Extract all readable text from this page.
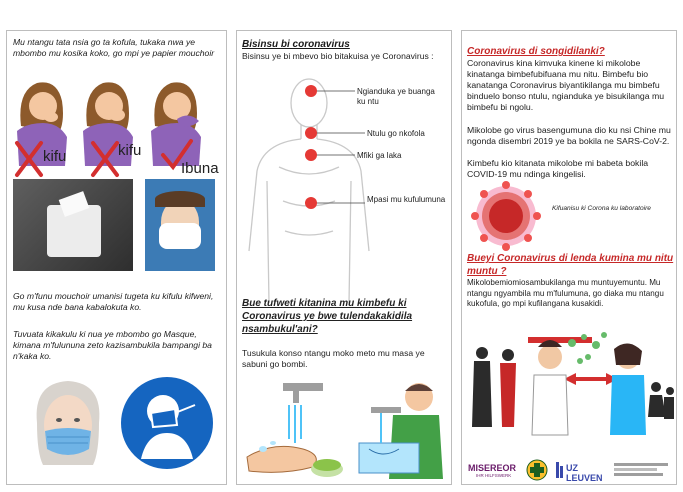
Mu ntangu tata nsia go ta kofula, tukaka nwa ye mbombo mu kosika koko, go mpi ye papier mouchoir
kifu	kifu
Ibuna
Go m'funu mouchoir umanisi tugeta ku kifulu kifweni, mu kusa nde bana kabalokuta ko.
Tuvuata kikakulu ki nua ye mbombo go Masque, kimana m'fulununa zeto kazisambukila bampangi ba n'kaka ko.
Bisinsu bi coronavirus
Bisinsu ye bi mbevo bio bitakuisa ye Coronavirus :
Ngianduka ye buanga ku ntu
Ntulu go nkofola
Mfiki ga laka
Mpasi mu kufulumuna
Bue tufweti kitanina mu kimbefu ki Coronavirus ye bwe tulendakakidila nsambukul'ani?
Tusukula konso ntangu moko meto mu masa ye sabuni go bombi.
Coronavirus di songidilanki?
Coronavirus kina kimvuka kinene ki mikolobe kinatanga bimbefubifuana mu nitu. Bimbefu bio kanatanga Coronavirus biyantikilanga mu bimbefu binduelo bonso ntulu, ngianduka ye bisukilanga mu bimbefu bi ngolu.
Mikolobe go virus basengumuna dio ku nsi Chine mu ngonda disembri 2019 ye ba bokila ne SARS-CoV-2.
Kimbefu kio kitanata mikolobe mi babeta bokila COVID-19 mu ndinga kingelisi.
Kifuanisu ki Corona ku laboratoire
Bueyi Coronavirus di lenda kumina mu nitu muntu ?
Mikolobemiomiosambukilanga mu muntuyemuntu. Mu ntangu ngyambila mu m'fulumuna, go diaka mu ntangu kukofula, go mpi kufilangana kusakidi.
MISEREOR
IHR HILFSWERK
UZ LEUVEN
